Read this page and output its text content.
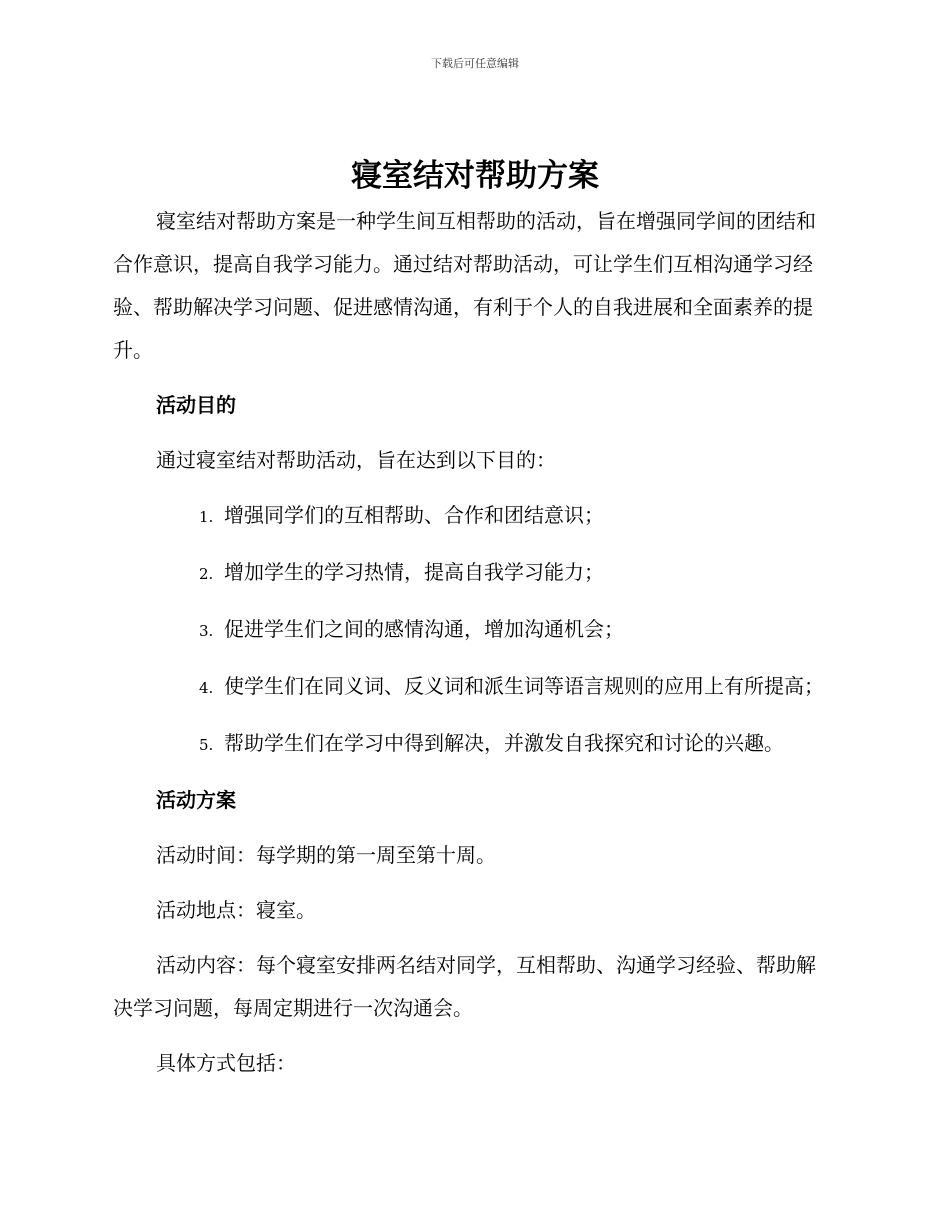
下载后可任意编辑
寝室结对帮助方案

寝室结对帮助方案是一种学生间互相帮助的活动，旨在增强同学间的团结和合作意识，提高自我学习能力。通过结对帮助活动，可让学生们互相沟通学习经验、帮助解决学习问题、促进感情沟通，有利于个人的自我进展和全面素养的提升。

活动目的

通过寝室结对帮助活动，旨在达到以下目的：

1. 增强同学们的互相帮助、合作和团结意识；

2. 增加学生的学习热情，提高自我学习能力；

3. 促进学生们之间的感情沟通，增加沟通机会；

4. 使学生们在同义词、反义词和派生词等语言规则的应用上有所提高；

5. 帮助学生们在学习中得到解决，并激发自我探究和讨论的兴趣。

活动方案

活动时间：每学期的第一周至第十周。

活动地点：寝室。

活动内容：每个寝室安排两名结对同学，互相帮助、沟通学习经验、帮助解决学习问题，每周定期进行一次沟通会。

具体方式包括：
